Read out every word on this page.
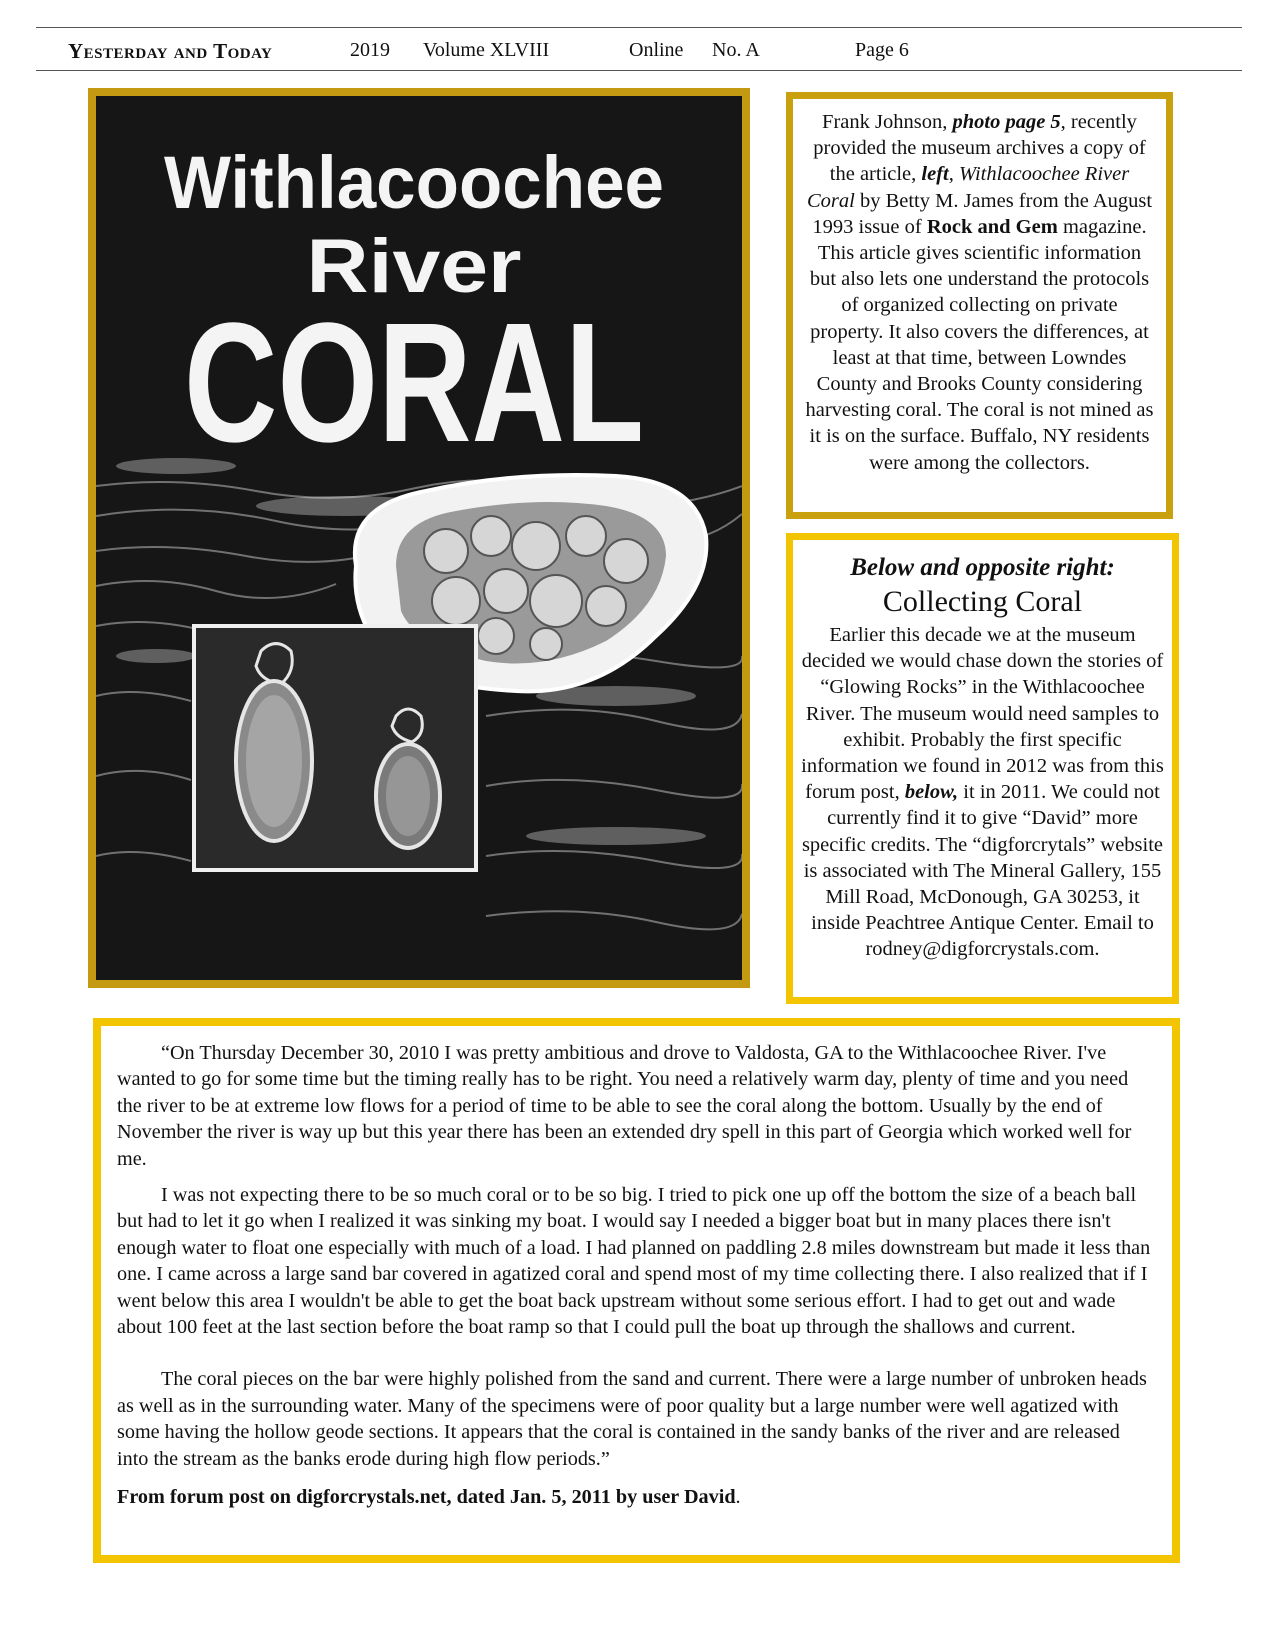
Yesterday and Today	2019 Volume XLVIII	Online No. A	Page 6
Withlacoochee
River
CORAL
Frank Johnson, photo page 5, recently provided the museum archives a copy of the article, left, Withlacoochee River Coral by Betty M. James from the August 1993 issue of Rock and Gem magazine. This article gives scientific information but also lets one understand the protocols of organized collecting on private property. It also covers the differences, at least at that time, between Lowndes County and Brooks County considering harvesting coral. The coral is not mined as it is on the surface. Buffalo, NY residents were among the collectors.
Below and opposite right:
Collecting Coral
Earlier this decade we at the museum decided we would chase down the stories of “Glowing Rocks” in the Withlacoochee River. The museum would need samples to exhibit. Probably the first specific information we found in 2012 was from this forum post, below, it in 2011. We could not currently find it to give “David” more specific credits. The “digforcrytals” website is associated with The Mineral Gallery, 155 Mill Road, McDonough, GA 30253, it inside Peachtree Antique Center. Email to rodney@digforcrystals.com.

“On Thursday December 30, 2010 I was pretty ambitious and drove to Valdosta, GA to the Withlacoochee River. I've wanted to go for some time but the timing really has to be right. You need a relatively warm day, plenty of time and you need the river to be at extreme low flows for a period of time to be able to see the coral along the bottom. Usually by the end of November the river is way up but this year there has been an extended dry spell in this part of Georgia which worked well for me.

I was not expecting there to be so much coral or to be so big. I tried to pick one up off the bottom the size of a beach ball but had to let it go when I realized it was sinking my boat. I would say I needed a bigger boat but in many places there isn't enough water to float one especially with much of a load. I had planned on paddling 2.8 miles downstream but made it less than one. I came across a large sand bar covered in agatized coral and spend most of my time collecting there. I also realized that if I went below this area I wouldn't be able to get the boat back upstream without some serious effort. I had to get out and wade about 100 feet at the last section before the boat ramp so that I could pull the boat up through the shallows and current.

The coral pieces on the bar were highly polished from the sand and current. There were a large number of unbroken heads as well as in the surrounding water. Many of the specimens were of poor quality but a large number were well agatized with some having the hollow geode sections. It appears that the coral is contained in the sandy banks of the river and are released into the stream as the banks erode during high flow periods.”

From forum post on digforcrystals.net, dated Jan. 5, 2011 by user David.
